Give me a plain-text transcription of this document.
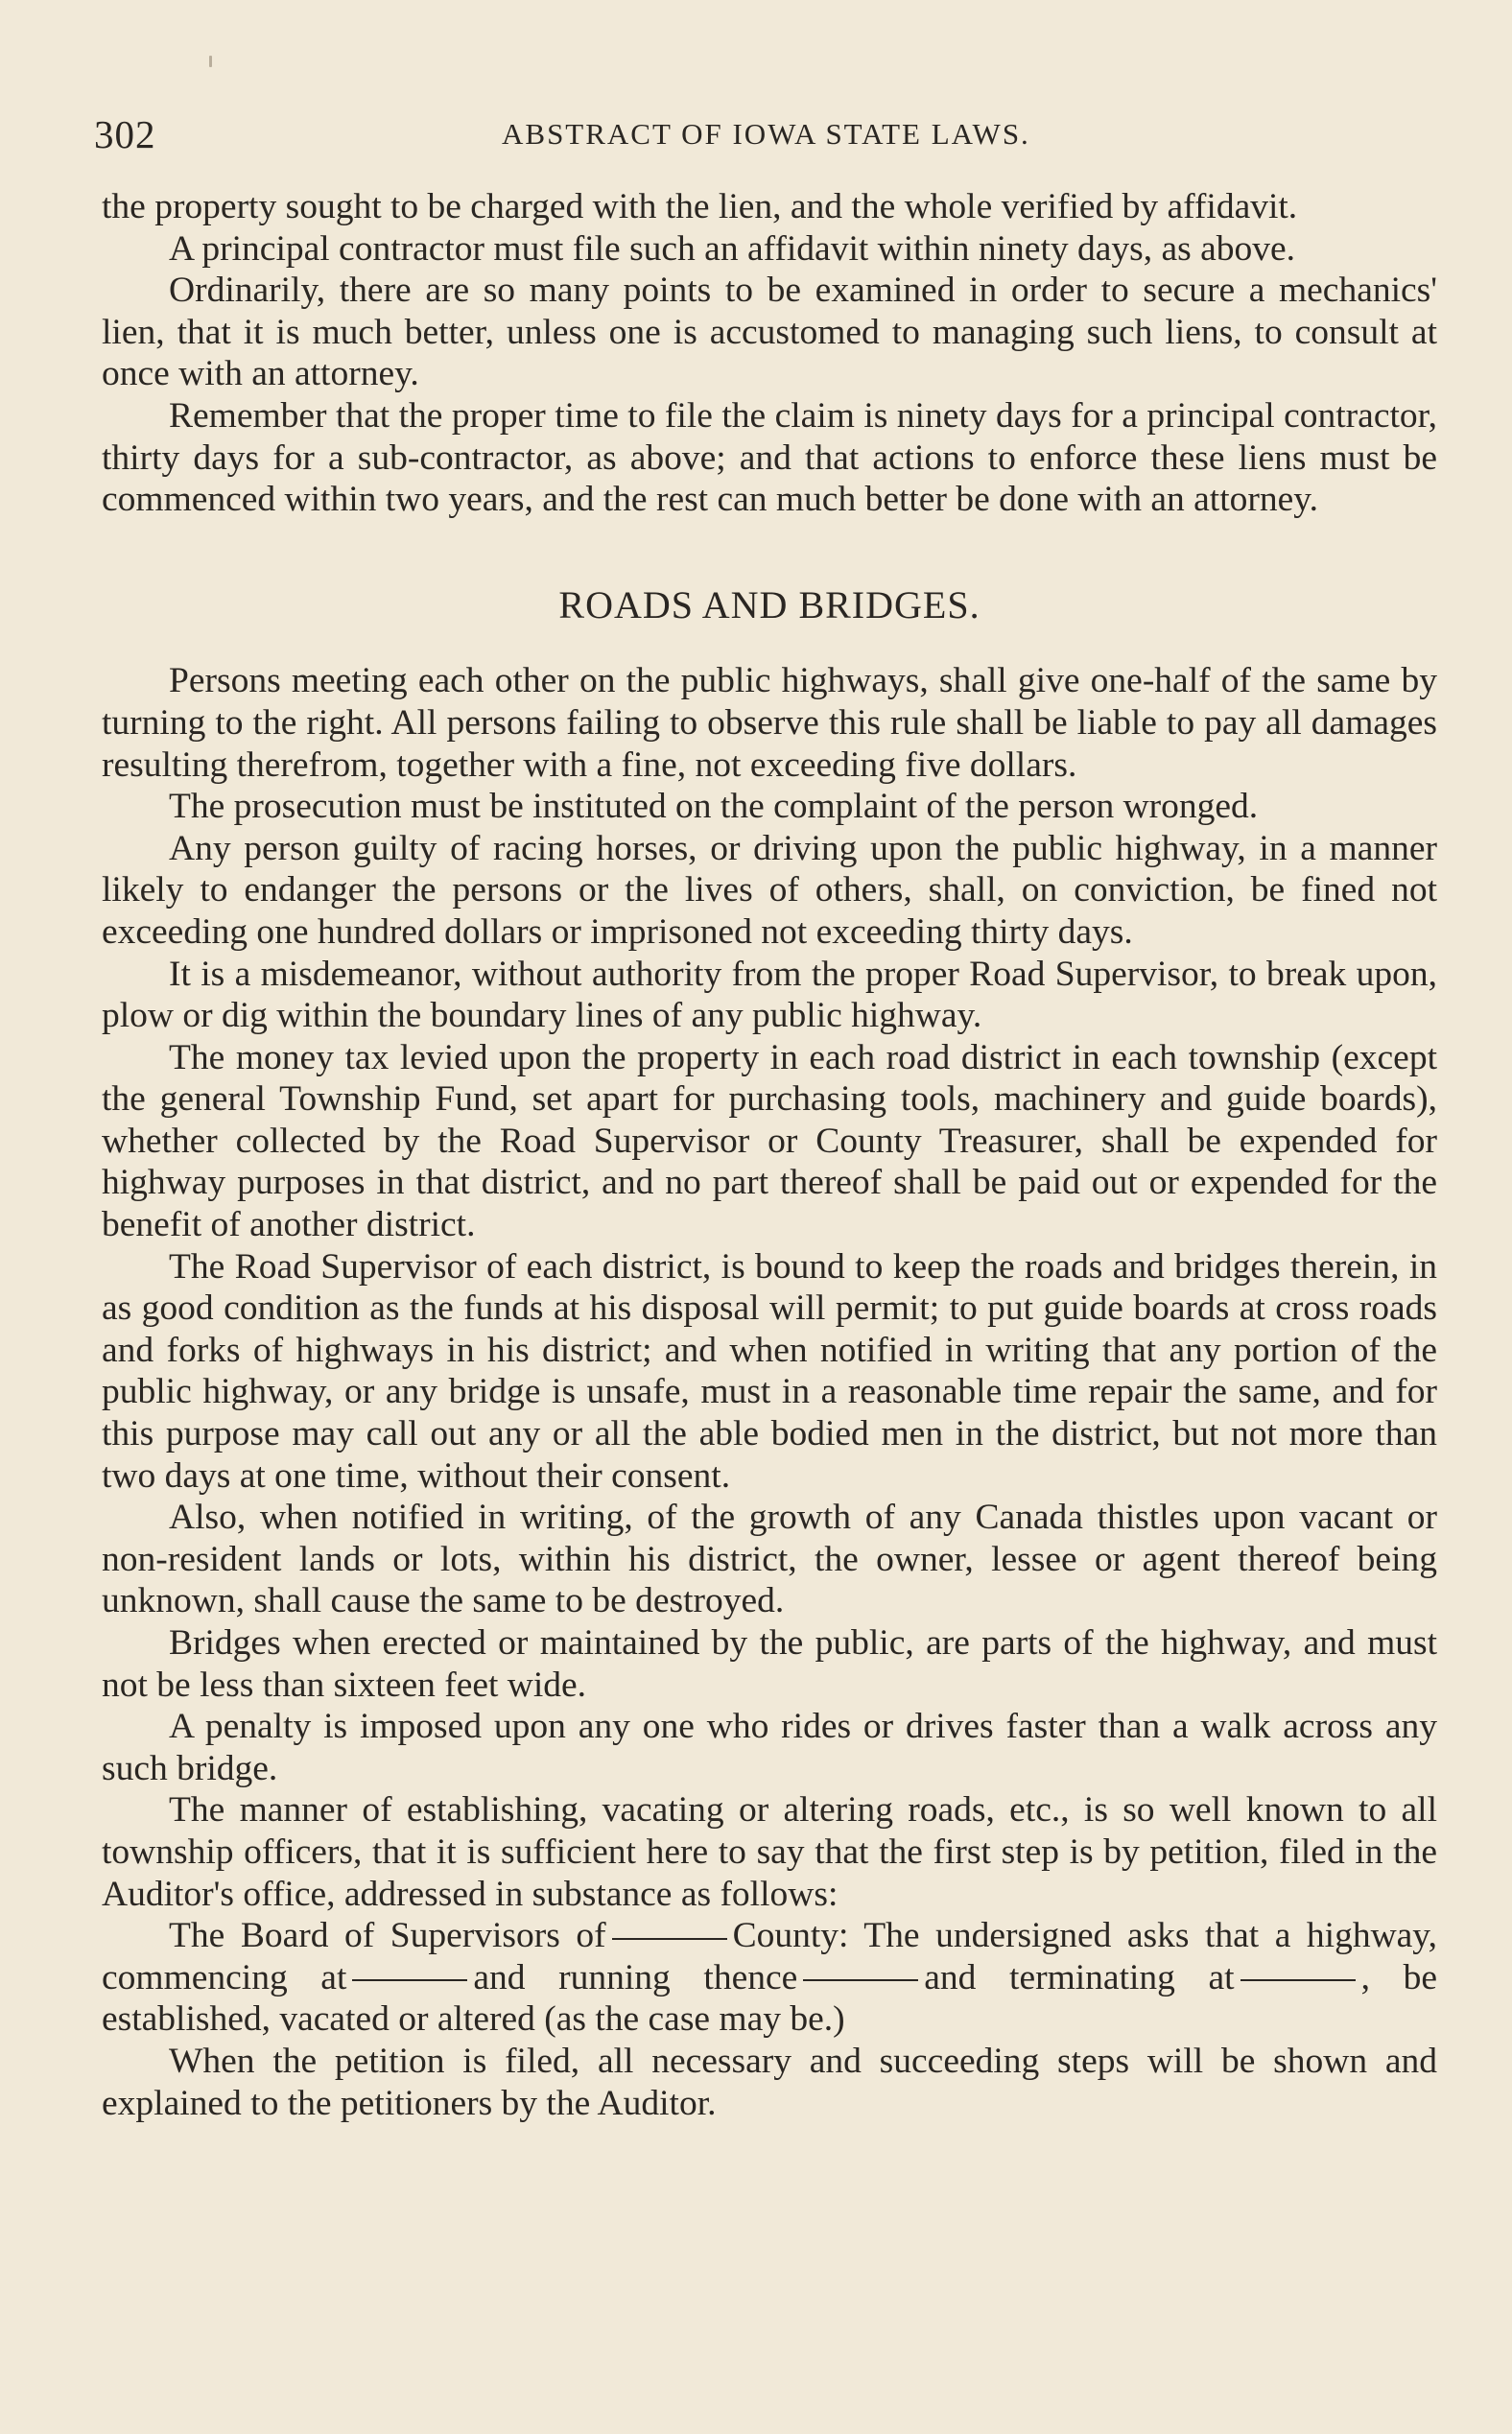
302	ABSTRACT OF IOWA STATE LAWS.

the property sought to be charged with the lien, and the whole verified by affidavit.

A principal contractor must file such an affidavit within ninety days, as above.

Ordinarily, there are so many points to be examined in order to secure a mechanics' lien, that it is much better, unless one is accustomed to managing such liens, to consult at once with an attorney.

Remember that the proper time to file the claim is ninety days for a principal contractor, thirty days for a sub-contractor, as above; and that actions to enforce these liens must be commenced within two years, and the rest can much better be done with an attorney.

ROADS AND BRIDGES.

Persons meeting each other on the public highways, shall give one-half of the same by turning to the right. All persons failing to observe this rule shall be liable to pay all damages resulting therefrom, together with a fine, not exceeding five dollars.

The prosecution must be instituted on the complaint of the person wronged.

Any person guilty of racing horses, or driving upon the public highway, in a manner likely to endanger the persons or the lives of others, shall, on conviction, be fined not exceeding one hundred dollars or imprisoned not exceeding thirty days.

It is a misdemeanor, without authority from the proper Road Supervisor, to break upon, plow or dig within the boundary lines of any public highway.

The money tax levied upon the property in each road district in each township (except the general Township Fund, set apart for purchasing tools, machinery and guide boards), whether collected by the Road Supervisor or County Treasurer, shall be expended for highway purposes in that district, and no part thereof shall be paid out or expended for the benefit of another district.

The Road Supervisor of each district, is bound to keep the roads and bridges therein, in as good condition as the funds at his disposal will permit; to put guide boards at cross roads and forks of highways in his district; and when notified in writing that any portion of the public highway, or any bridge is unsafe, must in a reasonable time repair the same, and for this purpose may call out any or all the able bodied men in the district, but not more than two days at one time, without their consent.

Also, when notified in writing, of the growth of any Canada thistles upon vacant or non-resident lands or lots, within his district, the owner, lessee or agent thereof being unknown, shall cause the same to be destroyed.

Bridges when erected or maintained by the public, are parts of the highway, and must not be less than sixteen feet wide.

A penalty is imposed upon any one who rides or drives faster than a walk across any such bridge.

The manner of establishing, vacating or altering roads, etc., is so well known to all township officers, that it is sufficient here to say that the first step is by petition, filed in the Auditor's office, addressed in substance as follows:

The Board of Supervisors of	County: The undersigned asks that a highway, commencing at	and running thence	and terminating at	, be established, vacated or altered (as the case may be.)

When the petition is filed, all necessary and succeeding steps will be shown and explained to the petitioners by the Auditor.
